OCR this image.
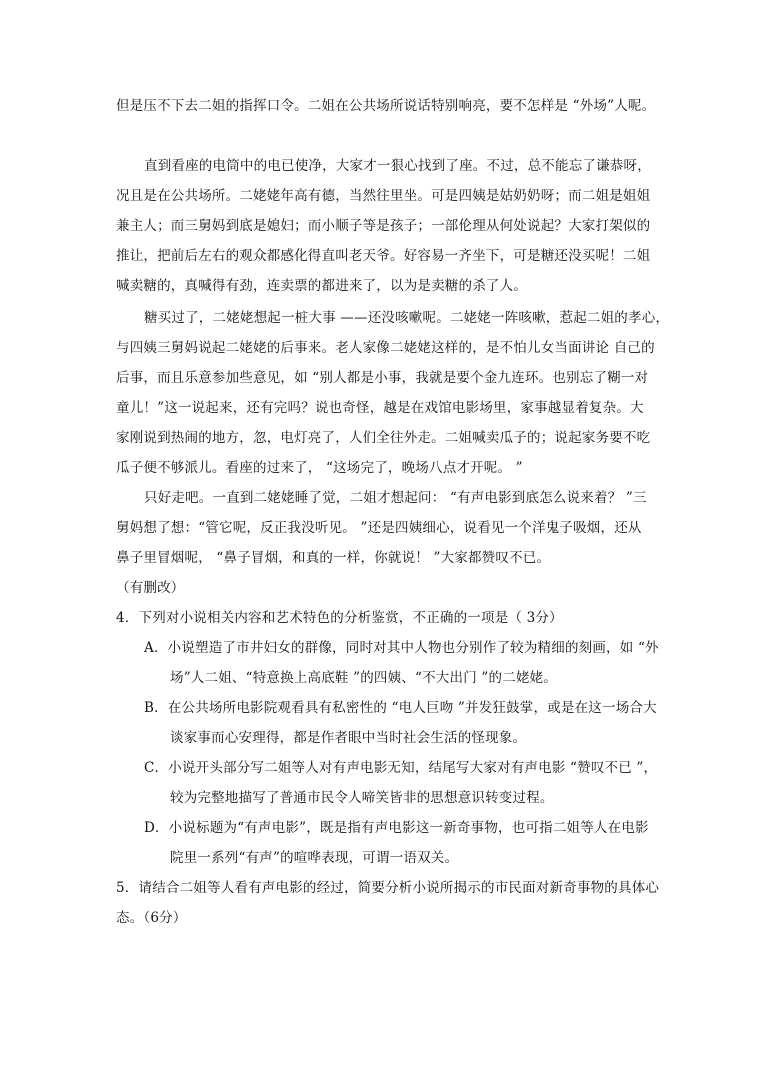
但是压不下去二姐的指挥口令。二姐在公共场所说话特别响亮，要不怎样是 “外场”人呢。
直到看座的电筒中的电已使净，大家才一狠心找到了座。不过，总不能忘了谦恭呀，
况且是在公共场所。二姥姥年高有德，当然往里坐。可是四姨是姑奶奶呀；而二姐是姐姐
兼主人；而三舅妈到底是媳妇；而小顺子等是孩子；一部伦理从何处说起？大家打架似的
推让，把前后左右的观众都感化得直叫老天爷。好容易一齐坐下，可是糖还没买呢！二姐
喊卖糖的，真喊得有劲，连卖票的都进来了，以为是卖糖的杀了人。
糖买过了，二姥姥想起一桩大事 ——还没咳嗽呢。二姥姥一阵咳嗽，惹起二姐的孝心，
与四姨三舅妈说起二姥姥的后事来。老人家像二姥姥这样的，是不怕儿女当面讲论 自己的
后事，而且乐意参加些意见，如 “别人都是小事，我就是要个金九连环。也别忘了糊一对
童儿！”这一说起来，还有完吗？说也奇怪，越是在戏馆电影场里，家事越显着复杂。大
家刚说到热闹的地方，忽，电灯亮了，人们全往外走。二姐喊卖瓜子的；说起家务要不吃
瓜子便不够派儿。看座的过来了， “这场完了，晚场八点才开呢。 ”
只好走吧。一直到二姥姥睡了觉，二姐才想起问： “有声电影到底怎么说来着？ ”三
舅妈想了想：“管它呢，反正我没听见。 ”还是四姨细心，说看见一个洋鬼子吸烟，还从
鼻子里冒烟呢， “鼻子冒烟，和真的一样，你就说！ ”大家都赞叹不已。
（有删改）
4．下列对小说相关内容和艺术特色的分析鉴赏，不正确的一项是（ 3分）
A．小说塑造了市井妇女的群像，同时对其中人物也分别作了较为精细的刻画，如 “外
场”人二姐、“特意换上高底鞋 ”的四姨、“不大出门 ”的二姥姥。
B．在公共场所电影院观看具有私密性的 “电人巨吻 ”并发狂鼓掌，或是在这一场合大
谈家事而心安理得，都是作者眼中当时社会生活的怪现象。
C．小说开头部分写二姐等人对有声电影无知，结尾写大家对有声电影 “赞叹不已 ”，
较为完整地描写了普通市民令人啼笑皆非的思想意识转变过程。
D．小说标题为“有声电影”，既是指有声电影这一新奇事物，也可指二姐等人在电影
院里一系列“有声”的喧哗表现，可谓一语双关。
5．请结合二姐等人看有声电影的经过，简要分析小说所揭示的市民面对新奇事物的具体心
态。（6分）
